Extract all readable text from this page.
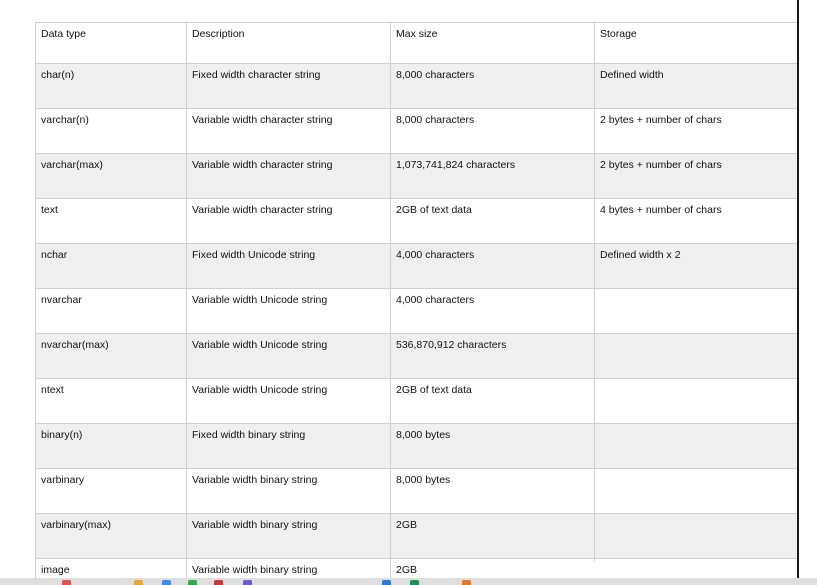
Data type	Description	Max size	Storage
char(n)	Fixed width character string	8,000 characters	Defined width
varchar(n)	Variable width character string	8,000 characters	2 bytes + number of chars
varchar(max)	Variable width character string	1,073,741,824 characters	2 bytes + number of chars
text	Variable width character string	2GB of text data	4 bytes + number of chars
nchar	Fixed width Unicode string	4,000 characters	Defined width x 2
nvarchar	Variable width Unicode string	4,000 characters	
nvarchar(max)	Variable width Unicode string	536,870,912 characters	
ntext	Variable width Unicode string	2GB of text data	
binary(n)	Fixed width binary string	8,000 bytes	
varbinary	Variable width binary string	8,000 bytes	
varbinary(max)	Variable width binary string	2GB	
image	Variable width binary string	2GB	
